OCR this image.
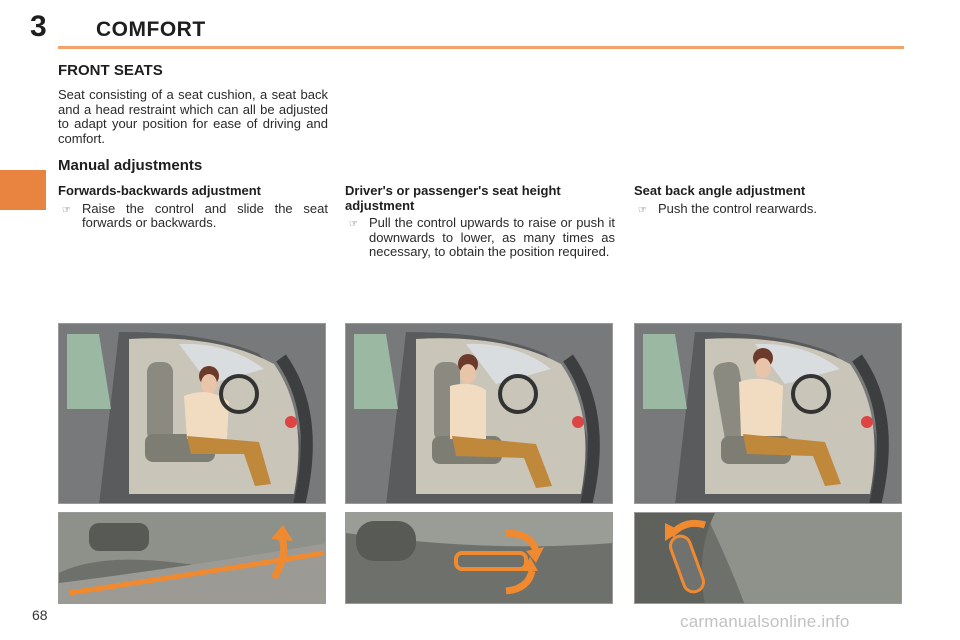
3 COMFORT
FRONT SEATS

Seat consisting of a seat cushion, a seat back and a head restraint which can all be adjusted to adapt your position for ease of driving and comfort.

Manual adjustments
Forwards-backwards adjustment
☞ Raise the control and slide the seat forwards or backwards.
Driver's or passenger's seat height adjustment
☞ Pull the control upwards to raise or push it downwards to lower, as many times as necessary, to obtain the position required.
Seat back angle adjustment
☞ Push the control rearwards.
68	carmanualsonline.info
